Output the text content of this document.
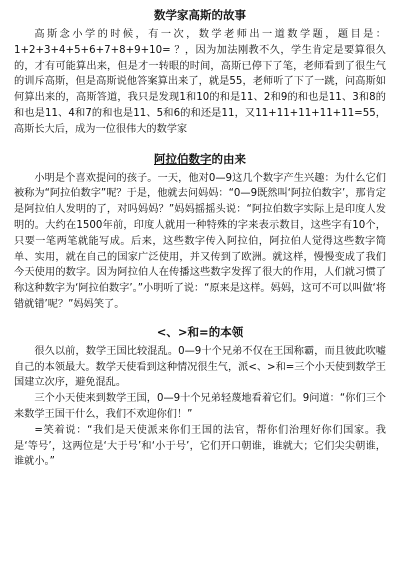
数学家高斯的故事

高斯念小学的时候，有一次，数学老师出一道数学题，题目是：1+2+3+4+5+6+7+8+9+10= ？，因为加法刚教不久，学生肯定是要算很久的，才有可能算出来，但是才一转眼的时间，高斯已停下了笔，老师看到了很生气的训斥高斯，但是高斯说他答案算出来了，就是55，老师听了下了一跳，问高斯如何算出来的，高斯答道，我只是发现1和10的和是11、2和9的和也是11、3和8的和也是11、4和7的和也是11、5和6的和还是11，又11+11+11+11+11=55，高斯长大后，成为一位很伟大的数学家

阿拉伯数字的由来

小明是个喜欢提问的孩子。一天，他对0—9这几个数字产生兴趣：为什么它们被称为“阿拉伯数字”呢？于是，他就去问妈妈：“0—9既然叫‘阿拉伯数字’，那肯定是阿拉伯人发明的了，对吗妈妈？”妈妈摇摇头说：“阿拉伯数字实际上是印度人发明的。大约在1500年前，印度人就用一种特殊的字来表示数目，这些字有10个，只要一笔两笔就能写成。后来，这些数字传入阿拉伯，阿拉伯人觉得这些数字简单、实用，就在自己的国家广泛使用，并又传到了欧洲。就这样，慢慢变成了我们今天使用的数字。因为阿拉伯人在传播这些数字发挥了很大的作用，人们就习惯了称这种数字为‘阿拉伯数字’。”小明听了说：“原来是这样。妈妈，这可不可以叫做‘将错就错’呢？”妈妈笑了。

<、>和=的本领

很久以前，数学王国比较混乱。0—9十个兄弟不仅在王国称霸，而且彼此吹嘘自己的本领最大。数学天使看到这种情况很生气，派<、>和=三个小天使到数学王国建立次序，避免混乱。

三个小天使来到数学王国，0—9十个兄弟轻蔑地看着它们。9问道：“你们三个来数学王国干什么，我们不欢迎你们！”

=笑着说：“我们是天使派来你们王国的法官，帮你们治理好你们国家。我是‘等号’，这两位是‘大于号’和‘小于号’，它们开口朝谁，谁就大；它们尖尖朝谁，谁就小。”
